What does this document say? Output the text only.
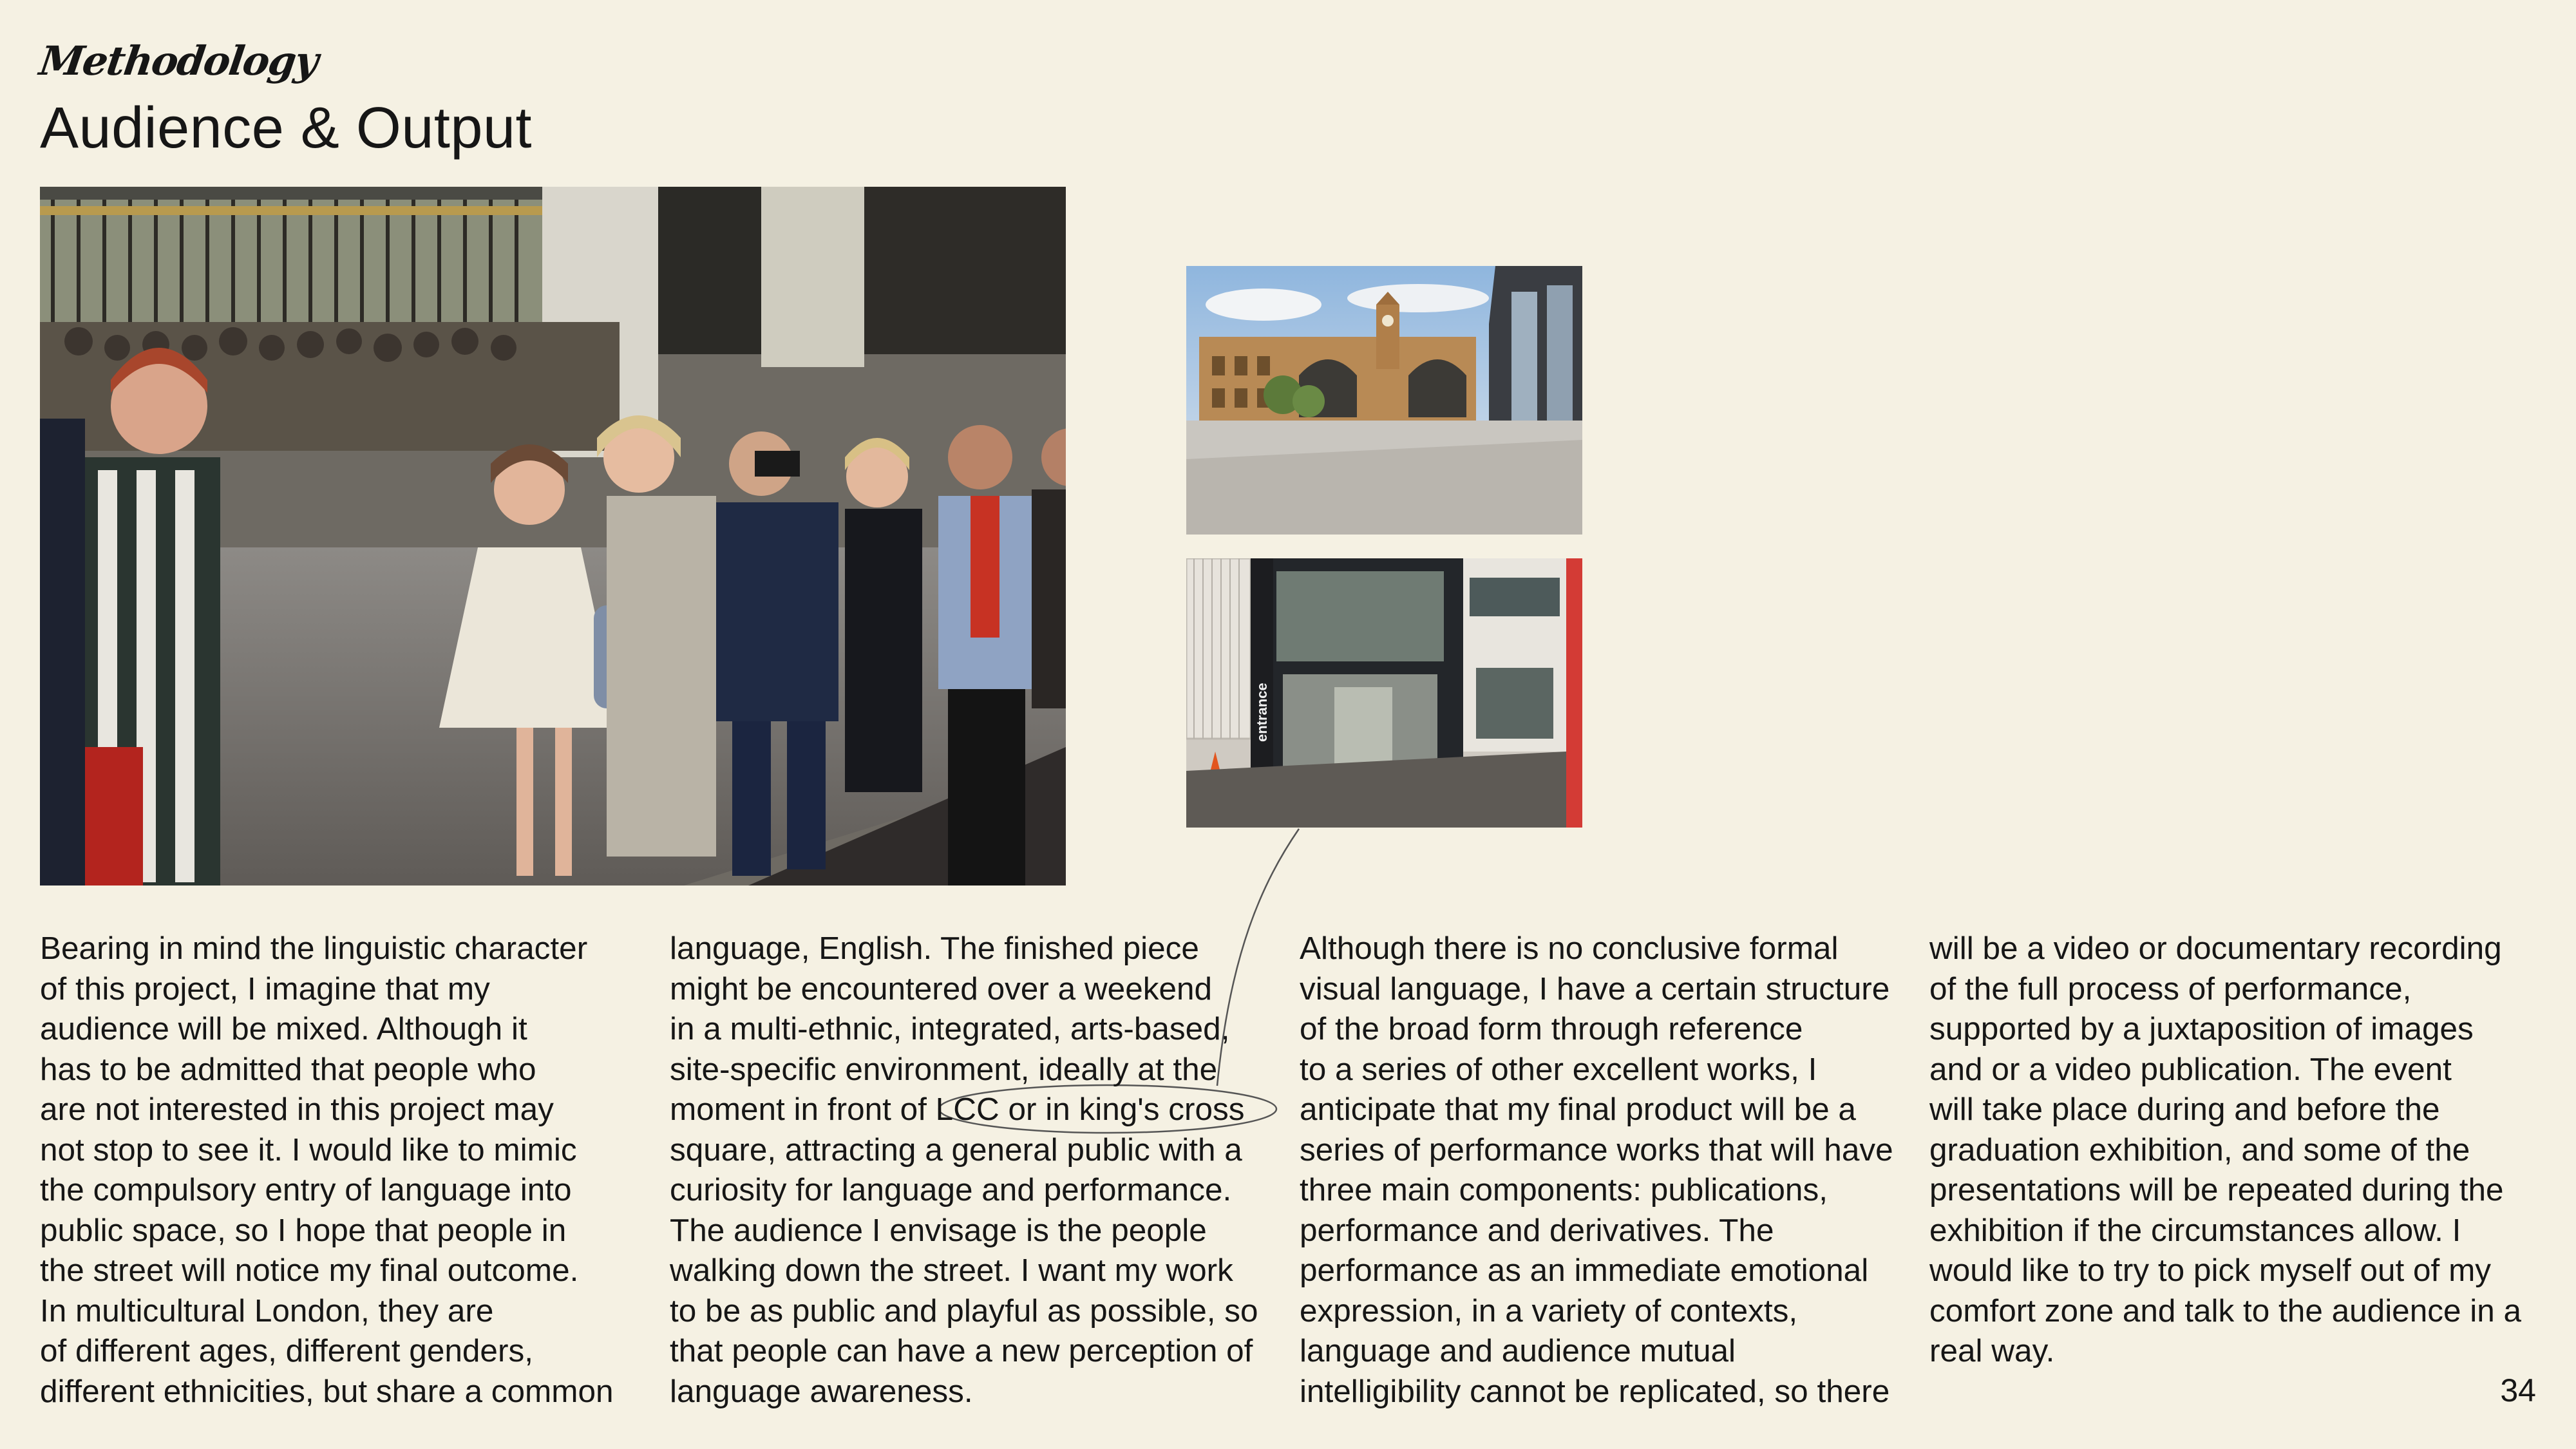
Methodology
Audience & Output
entrance

Bearing in mind the linguistic character
of this project, I imagine that my
audience will be mixed. Although it
has to be admitted that people who
are not interested in this project may
not stop to see it. I would like to mimic
the compulsory entry of language into
public space, so I hope that people in
the street will notice my final outcome.
In multicultural London, they are
of different ages, different genders,
different ethnicities, but share a common

language, English. The finished piece
might be encountered over a weekend
in a multi-ethnic, integrated, arts-based,
site-specific environment, ideally at the
moment in front of LCC or in king's cross
square, attracting a general public with a
curiosity for language and performance.
The audience I envisage is the people
walking down the street. I want my work
to be as public and playful as possible, so
that people can have a new perception of
language awareness.

Although there is no conclusive formal
visual language, I have a certain structure
of the broad form through reference
to a series of other excellent works, I
anticipate that my final product will be a
series of performance works that will have
three main components: publications,
performance and derivatives. The
performance as an immediate emotional
expression, in a variety of contexts,
language and audience mutual
intelligibility cannot be replicated, so there

will be a video or documentary recording
of the full process of performance,
supported by a juxtaposition of images
and or a video publication. The event
will take place during and before the
graduation exhibition, and some of the
presentations will be repeated during the
exhibition if the circumstances allow. I
would like to try to pick myself out of my
comfort zone and talk to the audience in a
real way.

34
